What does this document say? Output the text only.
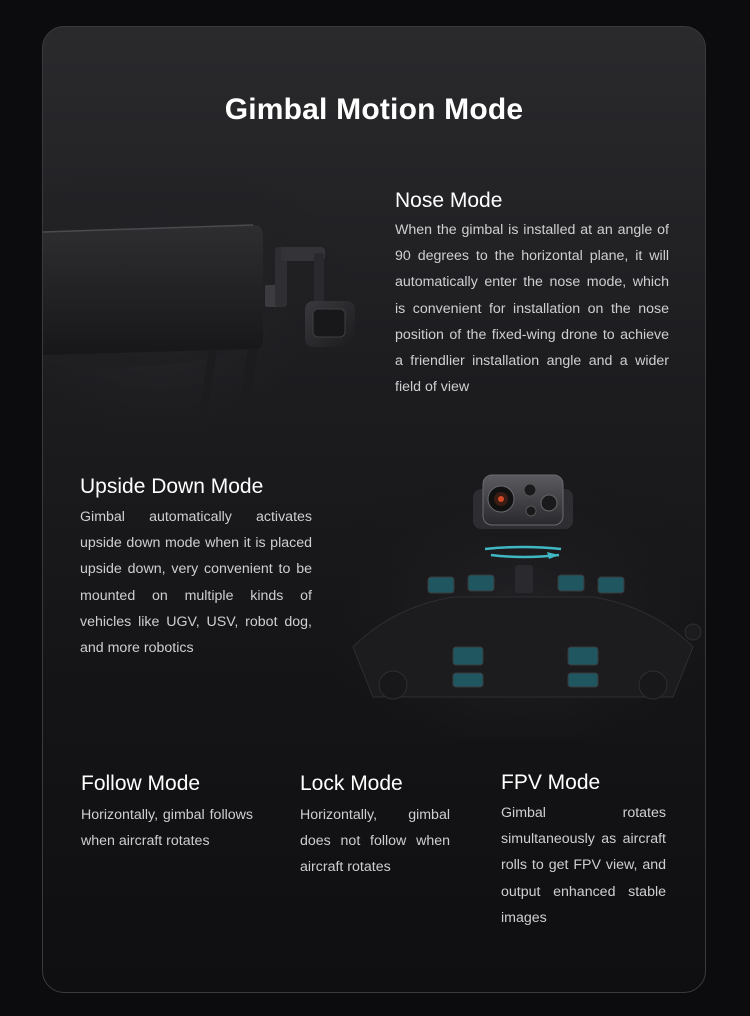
Gimbal Motion Mode
Nose Mode
When the gimbal is installed at an angle of 90 degrees to the horizontal plane, it will automatically enter the nose mode, which is convenient for installation on the nose position of the fixed-wing drone to achieve a friendlier installation angle and a wider field of view
Upside Down Mode
Gimbal automatically activates upside down mode when it is placed upside down, very convenient to be mounted on multiple kinds of vehicles like UGV, USV, robot dog, and more robotics
Follow Mode
Horizontally, gimbal follows when aircraft rotates
Lock Mode
Horizontally, gimbal does not follow when aircraft rotates
FPV Mode
Gimbal rotates simultaneously as aircraft rolls to get FPV view, and output enhanced stable images
